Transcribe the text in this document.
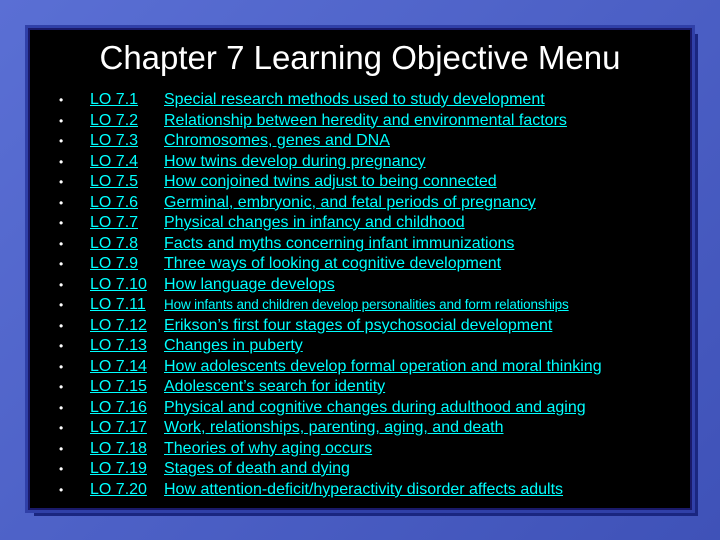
Chapter 7 Learning Objective Menu
• LO 7.1 Special research methods used to study development
• LO 7.2 Relationship between heredity and environmental factors
• LO 7.3 Chromosomes, genes and DNA
• LO 7.4 How twins develop during pregnancy
• LO 7.5 How conjoined twins adjust to being connected
• LO 7.6 Germinal, embryonic, and fetal periods of pregnancy
• LO 7.7 Physical changes in infancy and childhood
• LO 7.8 Facts and myths concerning infant immunizations
• LO 7.9 Three ways of looking at cognitive development
• LO 7.10 How language develops
• LO 7.11 How infants and children develop personalities and form relationships
• LO 7.12 Erikson’s first four stages of psychosocial development
• LO 7.13 Changes in puberty
• LO 7.14 How adolescents develop formal operation and moral thinking
• LO 7.15 Adolescent’s search for identity
• LO 7.16 Physical and cognitive changes during adulthood and aging
• LO 7.17 Work, relationships, parenting, aging, and death
• LO 7.18 Theories of why aging occurs
• LO 7.19 Stages of death and dying
• LO 7.20 How attention-deficit/hyperactivity disorder affects adults
